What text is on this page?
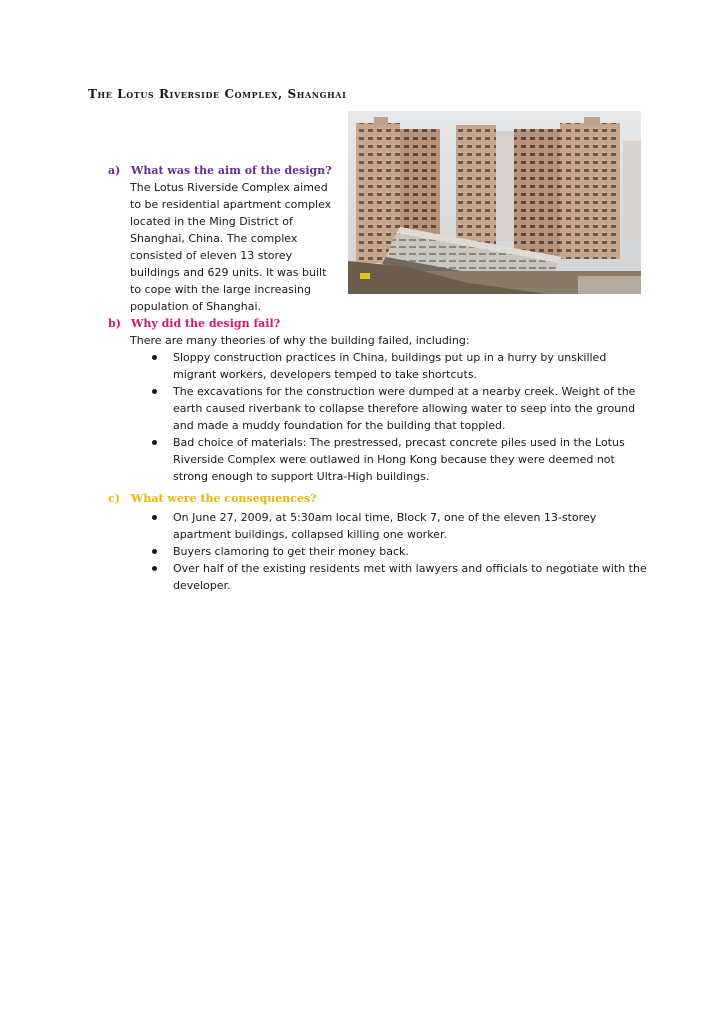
The Lotus Riverside Complex, Shanghai
a) What was the aim of the design?

The Lotus Riverside Complex aimed to be residential apartment complex located in the Ming District of Shanghai, China. The complex consisted of eleven 13 storey buildings and 629 units. It was built to cope with the large increasing population of Shanghai.

b) Why did the design fail?

There are many theories of why the building failed, including:

Sloppy construction practices in China, buildings put up in a hurry by unskilled migrant workers, developers temped to take shortcuts.
The excavations for the construction were dumped at a nearby creek. Weight of the earth caused riverbank to collapse therefore allowing water to seep into the ground and made a muddy foundation for the building that toppled.
Bad choice of materials: The prestressed, precast concrete piles used in the Lotus Riverside Complex were outlawed in Hong Kong because they were deemed not strong enough to support Ultra-High buildings.
c)	What were the consequences?
On June 27, 2009, at 5:30am local time, Block 7, one of the eleven 13-storey apartment buildings, collapsed killing one worker.
Buyers clamoring to get their money back.
Over half of the existing residents met with lawyers and officials to negotiate with the developer.
